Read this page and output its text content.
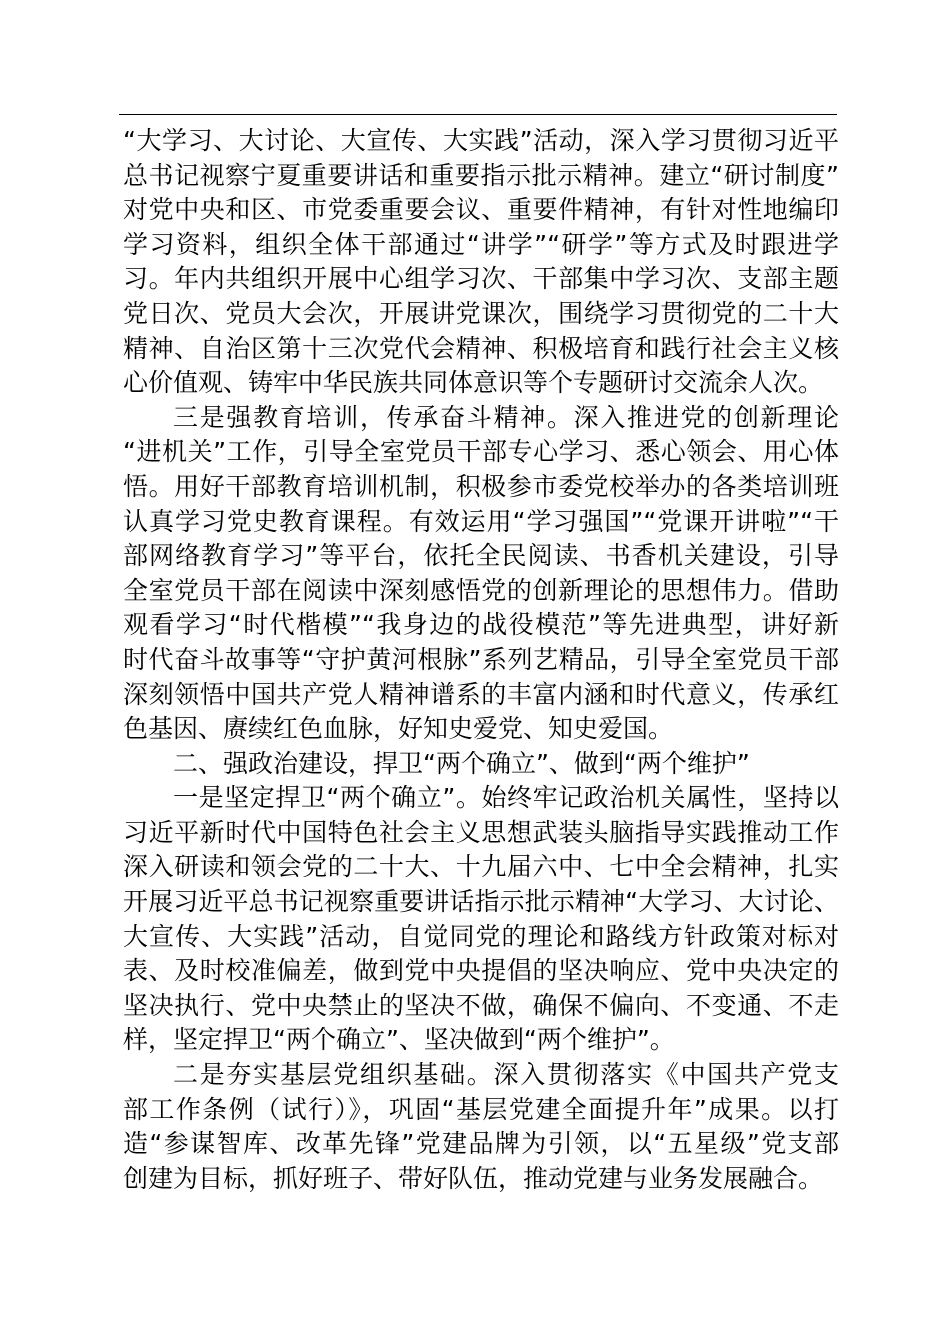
“大学习、大讨论、大宣传、大实践”活动，深入学习贯彻习近平
总书记视察宁夏重要讲话和重要指示批示精神。建立“研讨制度”
对党中央和区、市党委重要会议、重要件精神，有针对性地编印
学习资料，组织全体干部通过“讲学”“研学”等方式及时跟进学
习。年内共组织开展中心组学习次、干部集中学习次、支部主题
党日次、党员大会次，开展讲党课次，围绕学习贯彻党的二十大
精神、自治区第十三次党代会精神、积极培育和践行社会主义核
心价值观、铸牢中华民族共同体意识等个专题研讨交流余人次。
三是强教育培训，传承奋斗精神。深入推进党的创新理论
“进机关”工作，引导全室党员干部专心学习、悉心领会、用心体
悟。用好干部教育培训机制，积极参市委党校举办的各类培训班
认真学习党史教育课程。有效运用“学习强国”“党课开讲啦”“干
部网络教育学习”等平台，依托全民阅读、书香机关建设，引导
全室党员干部在阅读中深刻感悟党的创新理论的思想伟力。借助
观看学习“时代楷模”“我身边的战役模范”等先进典型，讲好新
时代奋斗故事等“守护黄河根脉”系列艺精品，引导全室党员干部
深刻领悟中国共产党人精神谱系的丰富内涵和时代意义，传承红
色基因、赓续红色血脉，好知史爱党、知史爱国。
二、强政治建设，捍卫“两个确立”、做到“两个维护”
一是坚定捍卫“两个确立”。始终牢记政治机关属性，坚持以
习近平新时代中国特色社会主义思想武装头脑指导实践推动工作
深入研读和领会党的二十大、十九届六中、七中全会精神，扎实
开展习近平总书记视察重要讲话指示批示精神“大学习、大讨论、
大宣传、大实践”活动，自觉同党的理论和路线方针政策对标对
表、及时校准偏差，做到党中央提倡的坚决响应、党中央决定的
坚决执行、党中央禁止的坚决不做，确保不偏向、不变通、不走
样，坚定捍卫“两个确立”、坚决做到“两个维护”。
二是夯实基层党组织基础。深入贯彻落实《中国共产党支
部工作条例（试行）》，巩固“基层党建全面提升年”成果。以打
造“参谋智库、改革先锋”党建品牌为引领，以“五星级”党支部
创建为目标，抓好班子、带好队伍，推动党建与业务发展融合。
